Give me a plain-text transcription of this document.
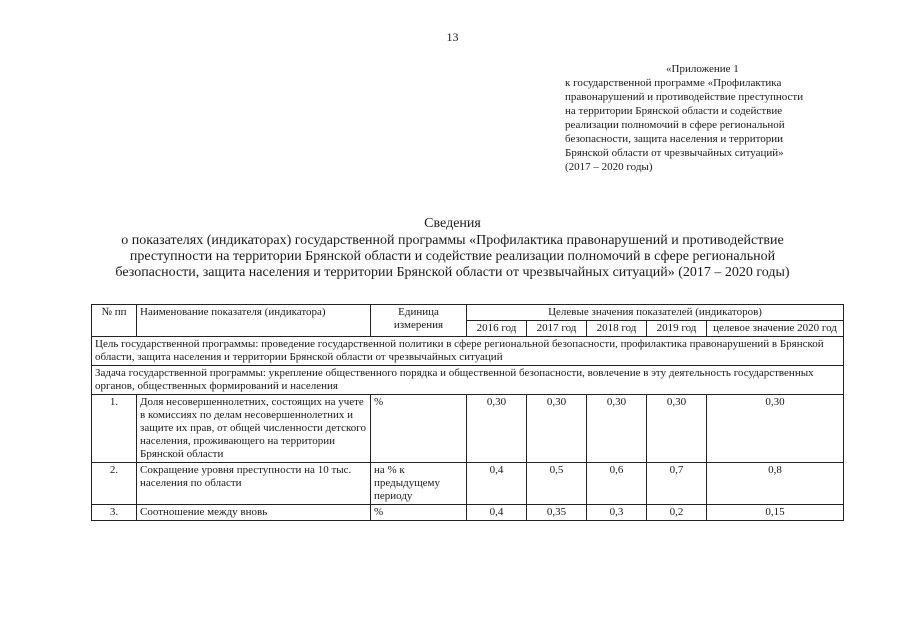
13
«Приложение 1
к государственной программе «Профилактика
правонарушений и противодействие преступности
на территории Брянской области и содействие
реализации полномочий в сфере региональной
безопасности, защита населения и территории
Брянской области от чрезвычайных ситуаций»
(2017 – 2020 годы)
Сведения
о показателях (индикаторах) государственной программы «Профилактика правонарушений и противодействие
преступности на территории Брянской области и содействие реализации полномочий в сфере региональной
безопасности, защита населения и территории Брянской области от чрезвычайных ситуаций» (2017 – 2020 годы)
№ пп	Наименование показателя (индикатора)	Единица измерения	Целевые значения показателей (индикаторов)				
			2016 год	2017 год	2018 год	2019 год	целевое значение 2020 год
Цель государственной программы: проведение государственной политики в сфере региональной безопасности, профилактика правонарушений в Брянской области, защита населения и территории Брянской области от чрезвычайных ситуаций							
Задача государственной программы: укрепление общественного порядка и общественной безопасности, вовлечение в эту деятельность государственных органов, общественных формирований и населения							
1.	Доля несовершеннолетних, состоящих на учете в комиссиях по делам несовершеннолетних и защите их прав, от общей численности детского населения, проживающего на территории Брянской области	%	0,30	0,30	0,30	0,30	0,30
2.	Сокращение уровня преступности на 10 тыс. населения по области	на % к предыдущему периоду	0,4	0,5	0,6	0,7	0,8
3.	Соотношение между вновь	%	0,4	0,35	0,3	0,2	0,15
